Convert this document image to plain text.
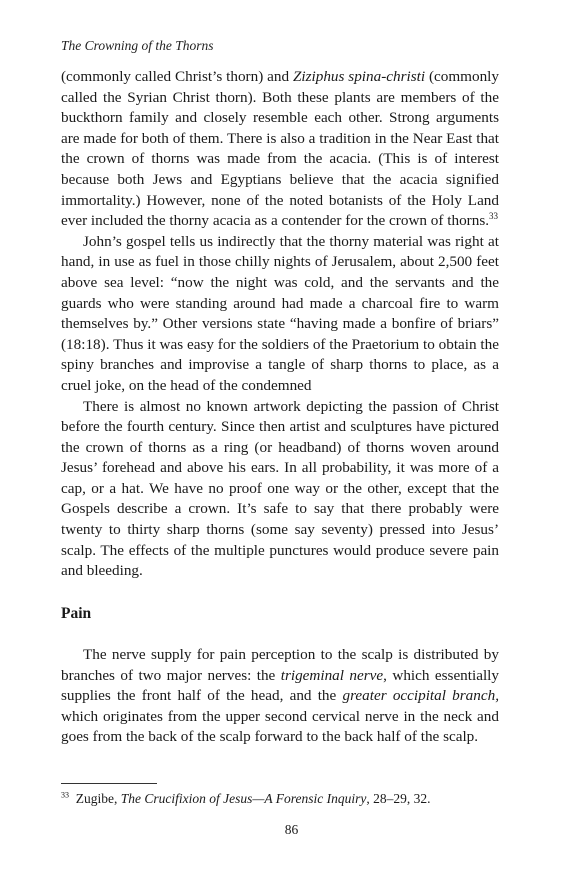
The Crowning of the Thorns

(commonly called Christ’s thorn) and Ziziphus spina-christi (commonly called the Syrian Christ thorn). Both these plants are members of the buckthorn family and closely resemble each other. Strong arguments are made for both of them. There is also a tradition in the Near East that the crown of thorns was made from the acacia. (This is of interest because both Jews and Egyptians believe that the acacia signified immortality.) However, none of the noted botanists of the Holy Land ever included the thorny acacia as a contender for the crown of thorns.$^{33}$

John’s gospel tells us indirectly that the thorny material was right at hand, in use as fuel in those chilly nights of Jerusalem, about 2,500 feet above sea level: “now the night was cold, and the servants and the guards who were standing around had made a charcoal fire to warm themselves by.” Other versions state “having made a bonfire of briars” (18:18). Thus it was easy for the soldiers of the Praetorium to obtain the spiny branches and improvise a tangle of sharp thorns to place, as a cruel joke, on the head of the condemned

There is almost no known artwork depicting the passion of Christ before the fourth century. Since then artist and sculptures have pictured the crown of thorns as a ring (or headband) of thorns woven around Jesus’ forehead and above his ears. In all probability, it was more of a cap, or a hat. We have no proof one way or the other, except that the Gospels describe a crown. It’s safe to say that there probably were twenty to thirty sharp thorns (some say seventy) pressed into Jesus’ scalp. The effects of the multiple punctures would produce severe pain and bleeding.

Pain

The nerve supply for pain perception to the scalp is distributed by branches of two major nerves: the trigeminal nerve, which essentially supplies the front half of the head, and the greater occipital branch, which originates from the upper second cervical nerve in the neck and goes from the back of the scalp forward to the back half of the scalp.

$^{33}$ Zugibe, The Crucifixion of Jesus—A Forensic Inquiry, 28–29, 32.
86
